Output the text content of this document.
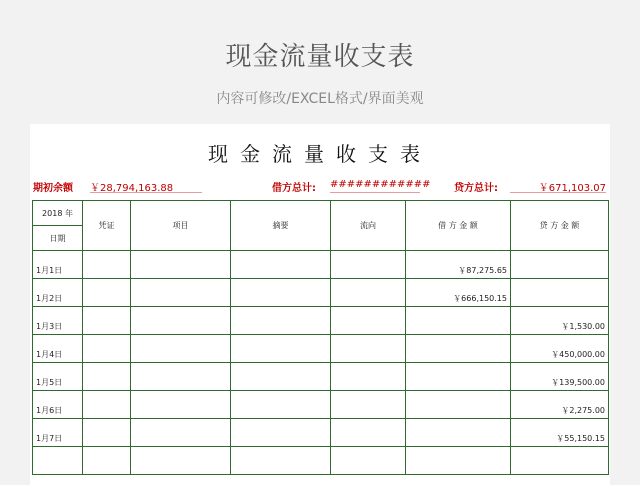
现金流量收支表
内容可修改/EXCEL格式/界面美观
现金流量收支表
期初余额 ￥28,794,163.88	借方总计: ############ 贷方总计:	￥671,103.07
2018 年	凭证	项目	摘要	流向	借 方 金 额	贷 方 金 额
日期						
1月1日					￥87,275.65	
1月2日					￥666,150.15	
1月3日						￥1,530.00
1月4日						￥450,000.00
1月5日						￥139,500.00
1月6日						￥2,275.00
1月7日						￥55,150.15
